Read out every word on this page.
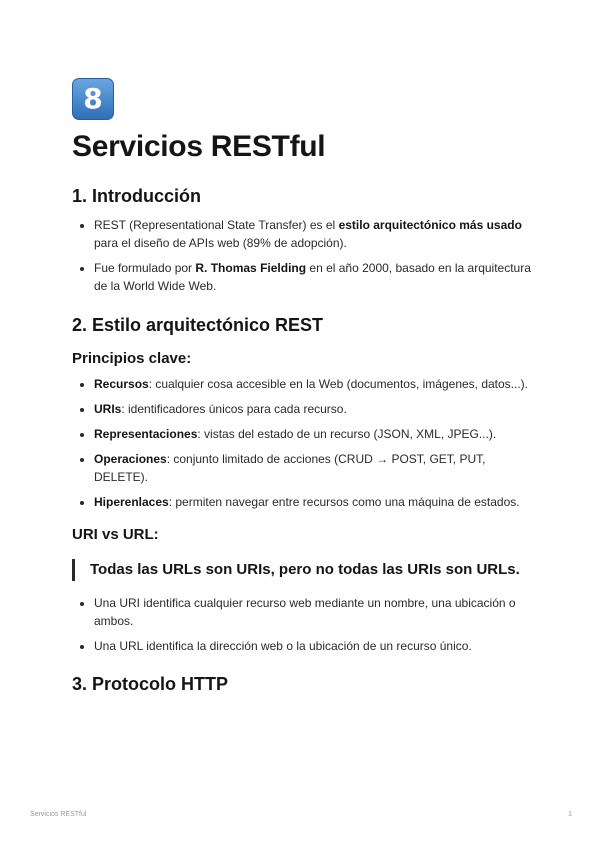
8
Servicios RESTful
1. Introducción
REST (Representational State Transfer) es el estilo arquitectónico más usado para el diseño de APIs web (89% de adopción).
Fue formulado por R. Thomas Fielding en el año 2000, basado en la arquitectura de la World Wide Web.
2. Estilo arquitectónico REST
Principios clave:
Recursos: cualquier cosa accesible en la Web (documentos, imágenes, datos...).
URIs: identificadores únicos para cada recurso.
Representaciones: vistas del estado de un recurso (JSON, XML, JPEG...).
Operaciones: conjunto limitado de acciones (CRUD → POST, GET, PUT, DELETE).
Hiperenlaces: permiten navegar entre recursos como una máquina de estados.
URI vs URL:
Todas las URLs son URIs, pero no todas las URIs son URLs.
Una URI identifica cualquier recurso web mediante un nombre, una ubicación o ambos.
Una URL identifica la dirección web o la ubicación de un recurso único.
3. Protocolo HTTP
Servicios RESTful	1
